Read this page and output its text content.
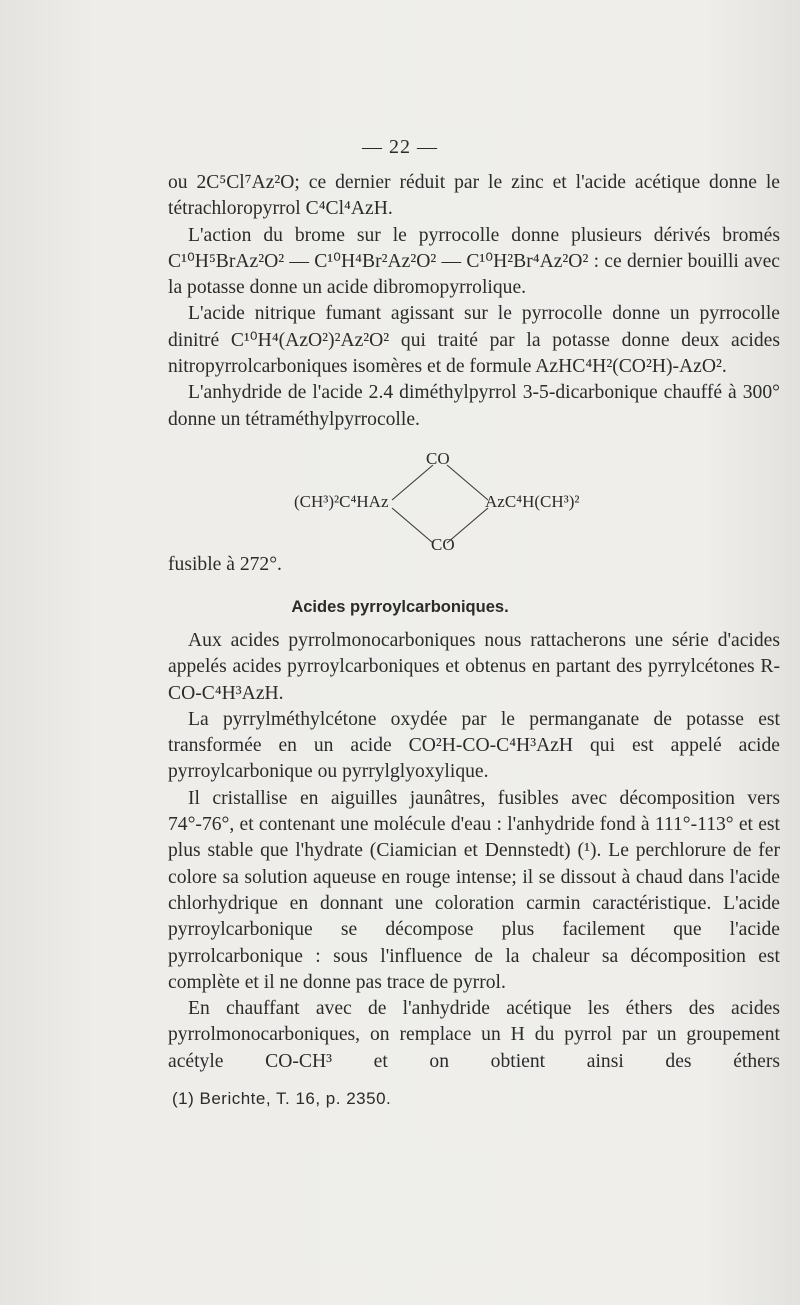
— 22 —

ou 2C⁵Cl⁷Az²O; ce dernier réduit par le zinc et l'acide acétique donne le tétrachloropyrrol C⁴Cl⁴AzH.

L'action du brome sur le pyrrocolle donne plusieurs dérivés bromés C¹⁰H⁵BrAz²O² — C¹⁰H⁴Br²Az²O² — C¹⁰H²Br⁴Az²O² : ce dernier bouilli avec la potasse donne un acide dibromopyrrolique.

L'acide nitrique fumant agissant sur le pyrrocolle donne un pyrrocolle dinitré C¹⁰H⁴(AzO²)²Az²O² qui traité par la potasse donne deux acides nitropyrrolcarboniques isomères et de formule AzHC⁴H²(CO²H)-AzO².

L'anhydride de l'acide 2.4 diméthylpyrrol 3-5-dicarbonique chauffé à 300° donne un tétraméthylpyrrocolle.

CO
(CH³)²C⁴HAz	AzC⁴H(CH³)²
CO
fusible à 272°.
Acides pyrroylcarboniques.

Aux acides pyrrolmonocarboniques nous rattacherons une série d'acides appelés acides pyrroylcarboniques et obtenus en partant des pyrrylcétones R-CO-C⁴H³AzH.

La pyrrylméthylcétone oxydée par le permanganate de potasse est transformée en un acide CO²H-CO-C⁴H³AzH qui est appelé acide pyrroylcarbonique ou pyrrylglyoxylique.

Il cristallise en aiguilles jaunâtres, fusibles avec décomposition vers 74°-76°, et contenant une molécule d'eau : l'anhydride fond à 111°-113° et est plus stable que l'hydrate (Ciamician et Dennstedt) (¹). Le perchlorure de fer colore sa solution aqueuse en rouge intense; il se dissout à chaud dans l'acide chlorhydrique en donnant une coloration carmin caractéristique. L'acide pyrroylcarbonique se décompose plus facilement que l'acide pyrrolcarbonique : sous l'influence de la chaleur sa décomposition est complète et il ne donne pas trace de pyrrol.

En chauffant avec de l'anhydride acétique les éthers des acides pyrrolmonocarboniques, on remplace un H du pyrrol par un groupement acétyle CO-CH³ et on obtient ainsi des éthers

(1) Berichte, T. 16, p. 2350.
